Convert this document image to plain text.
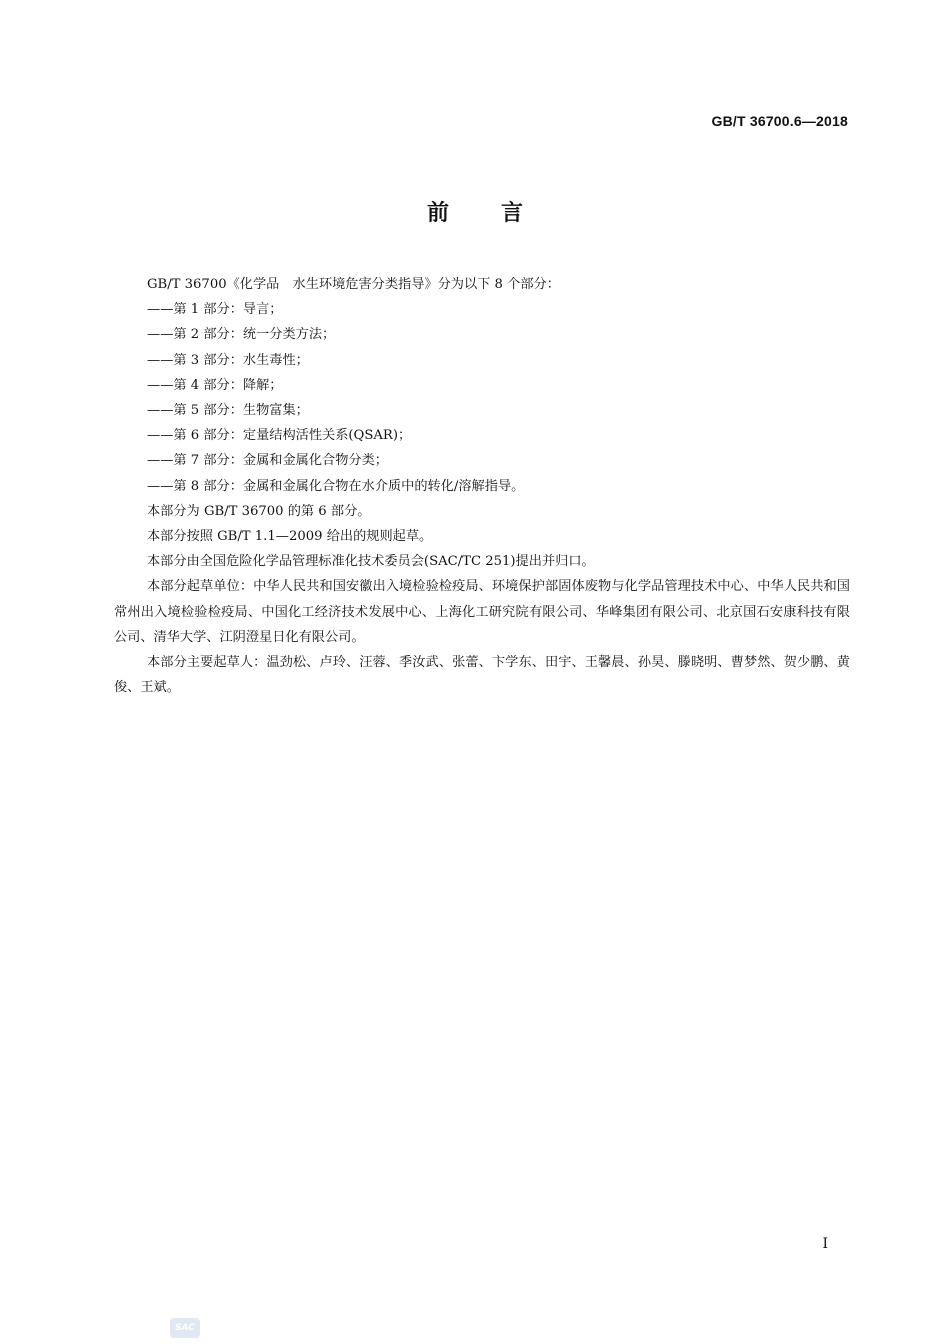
GB/T 36700.6—2018
前 言
GB/T 36700《化学品　水生环境危害分类指导》分为以下 8 个部分：
——第 1 部分：导言；
——第 2 部分：统一分类方法；
——第 3 部分：水生毒性；
——第 4 部分：降解；
——第 5 部分：生物富集；
——第 6 部分：定量结构活性关系(QSAR)；
——第 7 部分：金属和金属化合物分类；
——第 8 部分：金属和金属化合物在水介质中的转化/溶解指导。
本部分为 GB/T 36700 的第 6 部分。
本部分按照 GB/T 1.1—2009 给出的规则起草。
本部分由全国危险化学品管理标准化技术委员会(SAC/TC 251)提出并归口。
本部分起草单位：中华人民共和国安徽出入境检验检疫局、环境保护部固体废物与化学品管理技术中心、中华人民共和国常州出入境检验检疫局、中国化工经济技术发展中心、上海化工研究院有限公司、华峰集团有限公司、北京国石安康科技有限公司、清华大学、江阴澄星日化有限公司。
本部分主要起草人：温劲松、卢玲、汪蓉、季汝武、张蕾、卞学东、田宇、王馨晨、孙昊、滕晓明、曹梦然、贺少鹏、黄俊、王斌。
I
SAC
